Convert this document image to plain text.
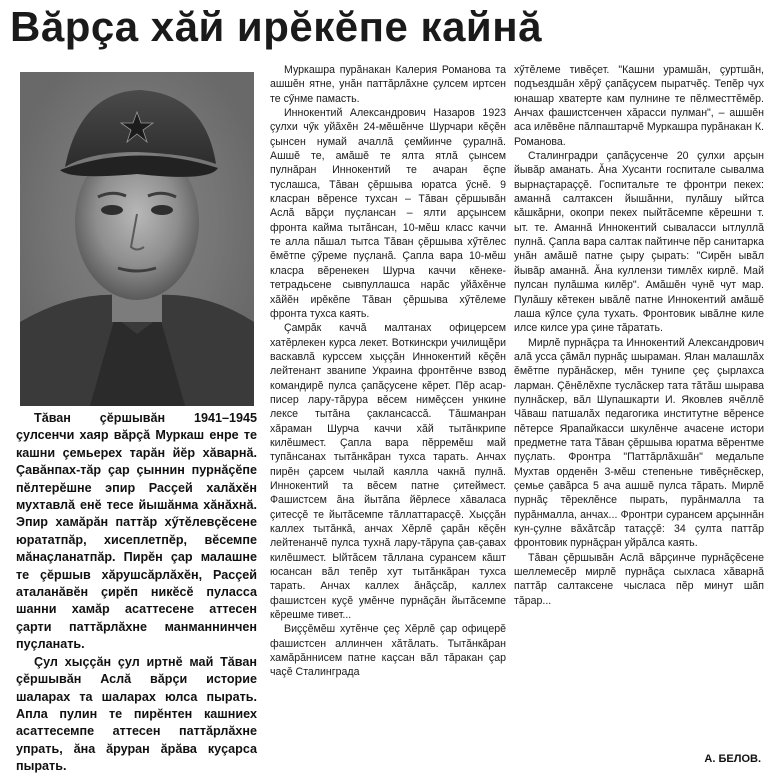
Вăрçа хăй ирĕкĕпе кайнă

Тăван çĕршывăн 1941–1945 çулсенчи хаяр вăрçă Муркаш енре те кашни çемьерех тарăн йĕр хăварнă. Çавăнпах-тăр çар çыннин пурнăçĕпе пĕлтерĕшне эпир Расçей халăхĕн мухтавлă енĕ тесе йышăнма хăнăхнă. Эпир хамăрăн паттăр хӳтĕлевçĕсене юрататпăр, хисеплетпĕр, вĕсемпе мăнаçланатпăр. Пирĕн çар малашне те çĕршыв хăрушсăрлăхĕн, Расçей аталанăвĕн çирĕп никĕсĕ пуласса шанни хамăр асаттесене аттесен çарти паттăрлăхне манманнинчен пуçланать.

Çул хыççăн çул иртнĕ май Тăван çĕршывăн Аслă вăрçи историе шаларах та шаларах юлса пырать. Апла пулин те пирĕнтен кашниех асаттесемпе аттесен паттăрлăхне упрать, ăна ăруран ăрăва куçарса пырать.

Муркашра пурăнакан Калерия Романова та ашшĕн ятне, унăн паттăрлăхне çулсем иртсен те сӳнме памасть.

Иннокентий Александрович Назаров 1923 çулхи чӳк уйăхĕн 24-мĕшĕнче Шурчари кĕçĕн çынсен нумай ачаллă çемйинче çуралнă. Ашшĕ те, амăшĕ те ялта ятлă çынсем пулнăран Иннокентий те ачаран ĕçпе туслашса, Тăван çĕршыва юратса ӳснĕ. 9 класран вĕренсе тухсан – Тăван çĕршывăн Аслă вăрçи пуçлансан – ялти арçынсем фронта кайма тытăнсан, 10-мĕш класс каччи те алла пăшал тытса Тăван çĕршыва хӳтĕлес ĕмĕтпе çӳреме пуçланă. Çапла вара 10-мĕш класра вĕренекен Шурча каччи кĕнеке-тетрадьсене сывпуллашса нарăс уйăхĕнче хăйĕн ирĕкĕпе Тăван çĕршыва хӳтĕлеме фронта тухса каять.

Çамрăк каччă малтанах офицерсем хатĕрлекен курса лекет. Воткинскри училищĕри васкавлă курссем хыççăн Иннокентий кĕçĕн лейтенант званипе Украина фронтĕнче взвод командирĕ пулса çапăçусене кĕрет. Пĕр асар-писер лару-тăрура вĕсем нимĕçсен ункине лексе тытăна çаклансассă. Тăшманран хăраман Шурча каччи хăй тытăнкрипе килĕшмест. Çапла вара пĕрремĕш май тупăнсанах тытăнкăран тухса тарать. Анчах пирĕн çарсем чылай каялла чакнă пулнă. Иннокентий та вĕсем патне çитеймест. Фашистсем ăна йытăпа йĕрлесе хăваласа çитесçĕ те йытăсемпе тăллаттарасçĕ. Хыççăн каллех тытăнкă, анчах Хĕрлĕ çарăн кĕçĕн лейтенанчĕ пулса тухнă лару-тăрупа çав-çавах килĕшмест. Ыйтăсем тăллана сурансем кăшт юсансан вăл тепĕр хут тытăнкăран тухса тарать. Анчах каллех ăнăçсăр, каллех фашистсен куçĕ умĕнче пурнăçăн йытăсемпе кĕрешме тивет...

Виççĕмĕш хутĕнче çеç Хĕрлĕ çар офицерĕ фашистсен аллинчен хăтăлать. Тытăнкăран хамăрăннисем патне каçсан вăл тăракан çар чаçĕ Сталинграда

хӳтĕлеме тивĕçет. "Кашни урамшăн, çуртшăн, подъездшăн хĕрӳ çапăçусем пыратчĕç. Тепĕр чух юнашар хватерте кам пулнине те пĕлместтĕмĕр. Анчах фашистсенчен хăрасси пулман", – ашшĕн аса илĕвĕне пăлпаштарчĕ Муркашра пурăнакан К. Романова.

Сталинградри çапăçусенче 20 çулхи арçын йывăр аманать. Ăна Хусанти госпитале сывалма вырнаçтараççĕ. Госпитальте те фронтри пекех: аманнă салтаксен йышăнни, пулăшу ыйтса кăшкăрни, окопри пекех пыйтăсемпе кĕрешни т. ыт. те. Аманнă Иннокентий сываласси ытлуллă пулнă. Çапла вара салтак пайтинче пĕр санитарка унăн амăшĕ патне çыру çырать: "Сирĕн ывăл йывăр аманнă. Ăна куллензи тимлĕх кирлĕ. Май пулсан пулăшма килĕр". Амăшĕн чунĕ чут мар. Пулăшу кĕтекен ывăлĕ патне Иннокентий амăшĕ лаша кӳлсе çула тухать. Фронтовик ывăлне киле илсе килсе ура çине тăратать.

Мирлĕ пурнăçра та Иннокентий Александрович алă усса çăмăл пурнăç шыраман. Ялан малашлăх ĕмĕтпе пурăнăскер, мĕн тунипе çеç çырлахса ларман. Çĕнĕлĕхпе туслăскер тата тăтăш шырава пулнăскер, вăл Шупашкарти И. Яковлев ячĕллĕ Чăваш патшалăх педагогика институтне вĕренсе пĕтерсе Ярапайкасси шкулĕнче ачасене истори предметне тата Тăван çĕршыва юратма вĕрентме пуçлать. Фронтра "Паттăрлăхшăн" медальпе Мухтав орденĕн 3-мĕш степеньне тивĕçнĕскер, çемье çавăрса 5 ача ашшĕ пулса тăрать. Мирлĕ пурнăç тĕреклĕнсе пырать, пурăнмалла та пурăнмалла, анчах... Фронтри сурансем арçыннăн кун-çулне вăхăтсăр татаççĕ: 34 çулта паттăр фронтовик пурнăçран уйрăлса каять.

Тăван çĕршывăн Аслă вăрçинче пурнăçĕсене шеллемесĕр мирлĕ пурнăçа сыхласа хăварнă паттăр салтаксене чысласа пĕр минут шăп тăрар...

А. БЕЛОВ.
